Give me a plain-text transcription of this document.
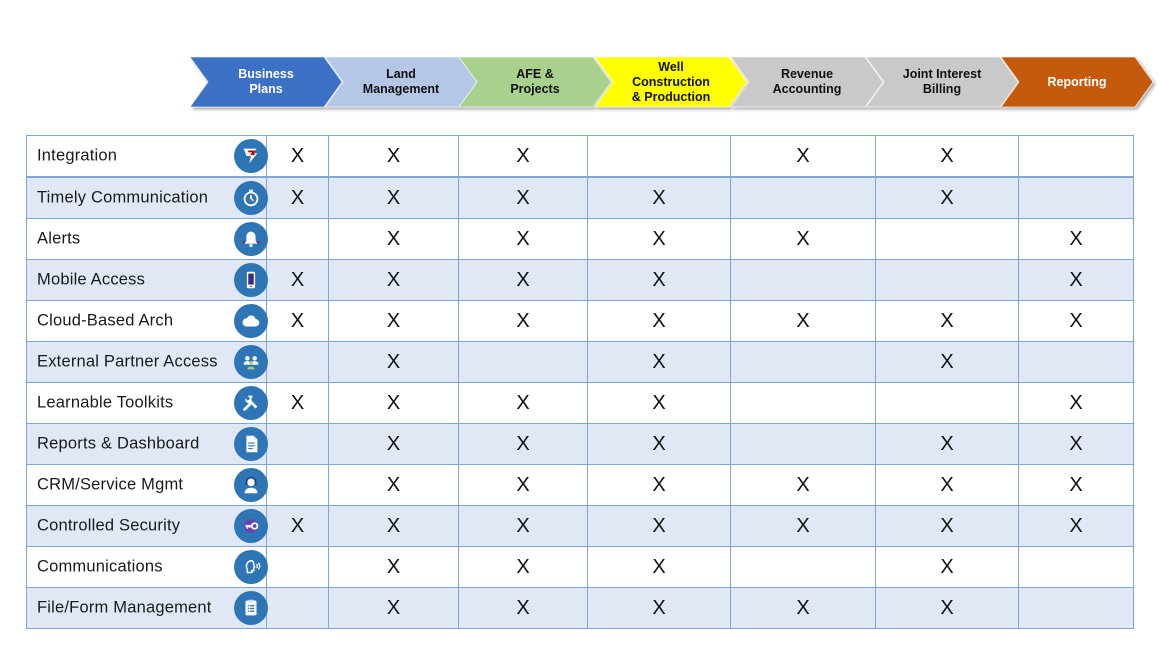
Business
Plans
Land
Management
AFE &
Projects
Well
Construction
& Production
Revenue
Accounting
Joint Interest
Billing
Reporting
Integration	X	X	X		X	X	

Timely Communication	X	X	X	X		X	

Alerts		X	X	X	X		X

Mobile Access	X	X	X	X			X

Cloud-Based Arch	X	X	X	X	X	X	X

External Partner Access		X		X		X	

Learnable Toolkits	X	X	X	X			X

Reports & Dashboard		X	X	X		X	X

CRM/Service Mgmt		X	X	X	X	X	X

Controlled Security	X	X	X	X	X	X	X

Communications		X	X	X		X	

File/Form Management		X	X	X	X	X	
